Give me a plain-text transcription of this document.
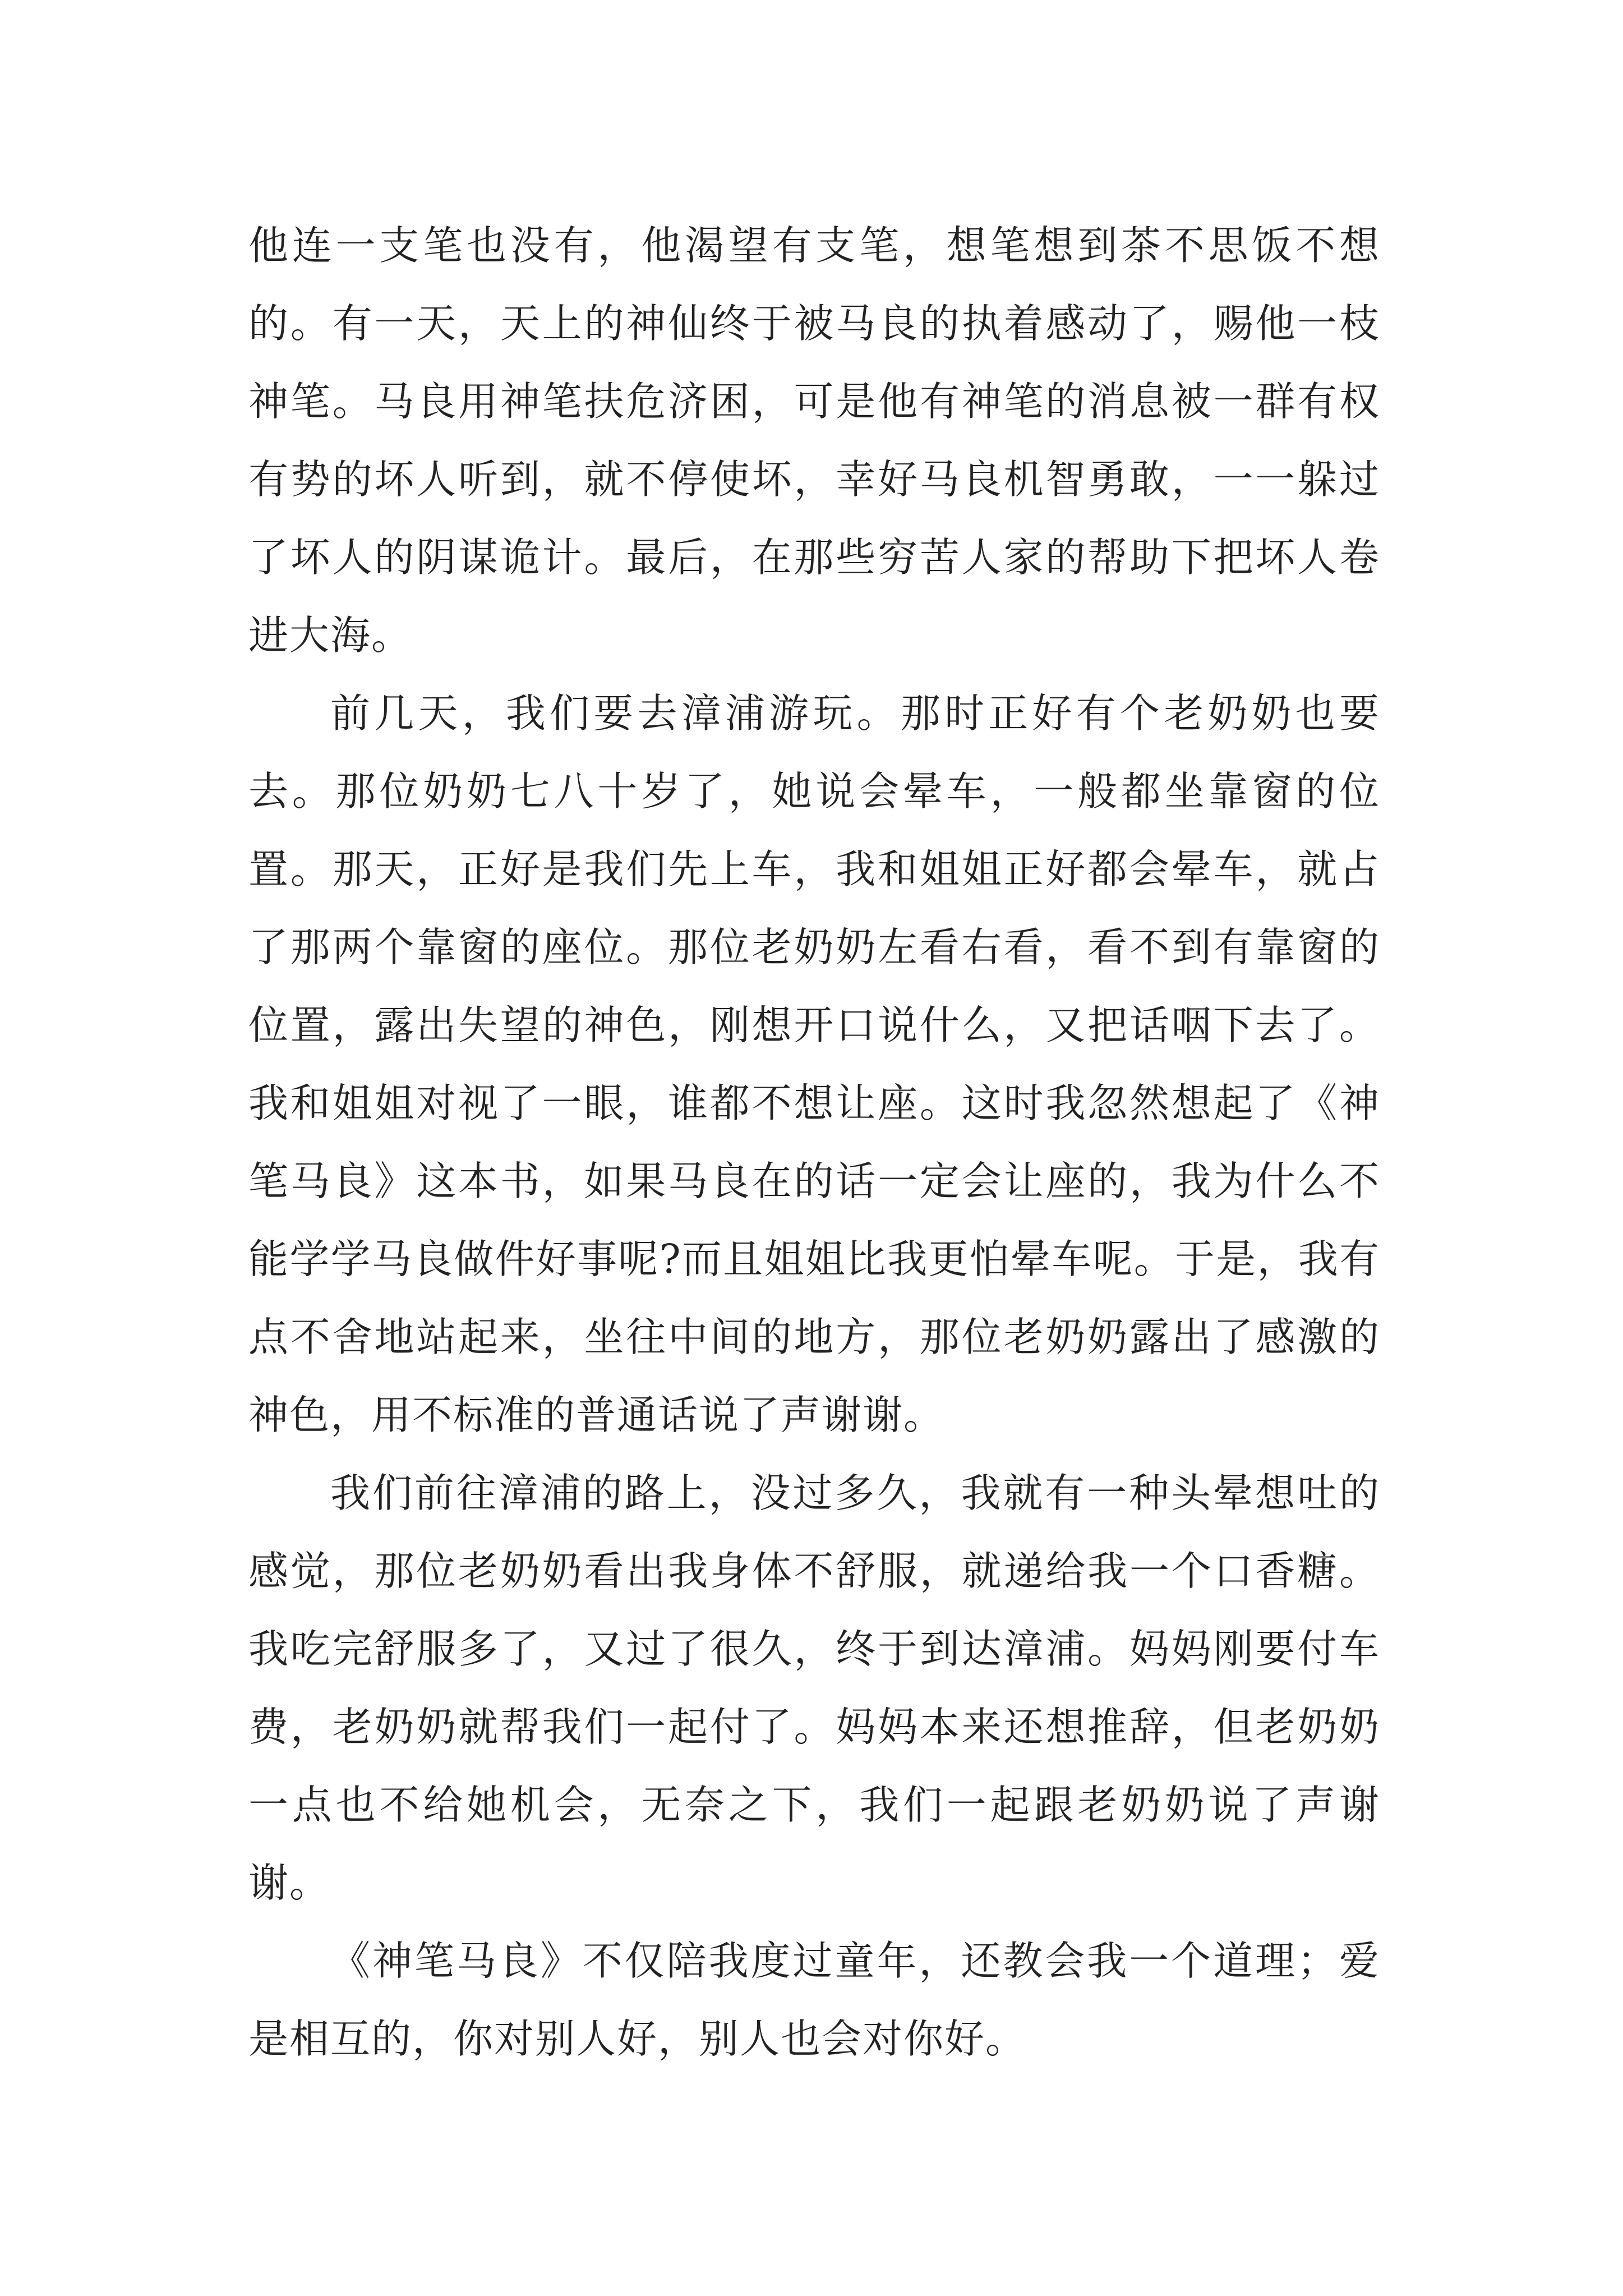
他连一支笔也没有，他渴望有支笔，想笔想到茶不思饭不想的。有一天，天上的神仙终于被马良的执着感动了，赐他一枝神笔。马良用神笔扶危济困，可是他有神笔的消息被一群有权有势的坏人听到，就不停使坏，幸好马良机智勇敢，一一躲过了坏人的阴谋诡计。最后，在那些穷苦人家的帮助下把坏人卷进大海。

前几天，我们要去漳浦游玩。那时正好有个老奶奶也要去。那位奶奶七八十岁了，她说会晕车，一般都坐靠窗的位置。那天，正好是我们先上车，我和姐姐正好都会晕车，就占了那两个靠窗的座位。那位老奶奶左看右看，看不到有靠窗的位置，露出失望的神色，刚想开口说什么，又把话咽下去了。我和姐姐对视了一眼，谁都不想让座。这时我忽然想起了《神笔马良》这本书，如果马良在的话一定会让座的，我为什么不能学学马良做件好事呢?而且姐姐比我更怕晕车呢。于是，我有点不舍地站起来，坐往中间的地方，那位老奶奶露出了感激的神色，用不标准的普通话说了声谢谢。

我们前往漳浦的路上，没过多久，我就有一种头晕想吐的感觉，那位老奶奶看出我身体不舒服，就递给我一个口香糖。我吃完舒服多了，又过了很久，终于到达漳浦。妈妈刚要付车费，老奶奶就帮我们一起付了。妈妈本来还想推辞，但老奶奶一点也不给她机会，无奈之下，我们一起跟老奶奶说了声谢谢。

《神笔马良》不仅陪我度过童年，还教会我一个道理；爱是相互的，你对别人好，别人也会对你好。
